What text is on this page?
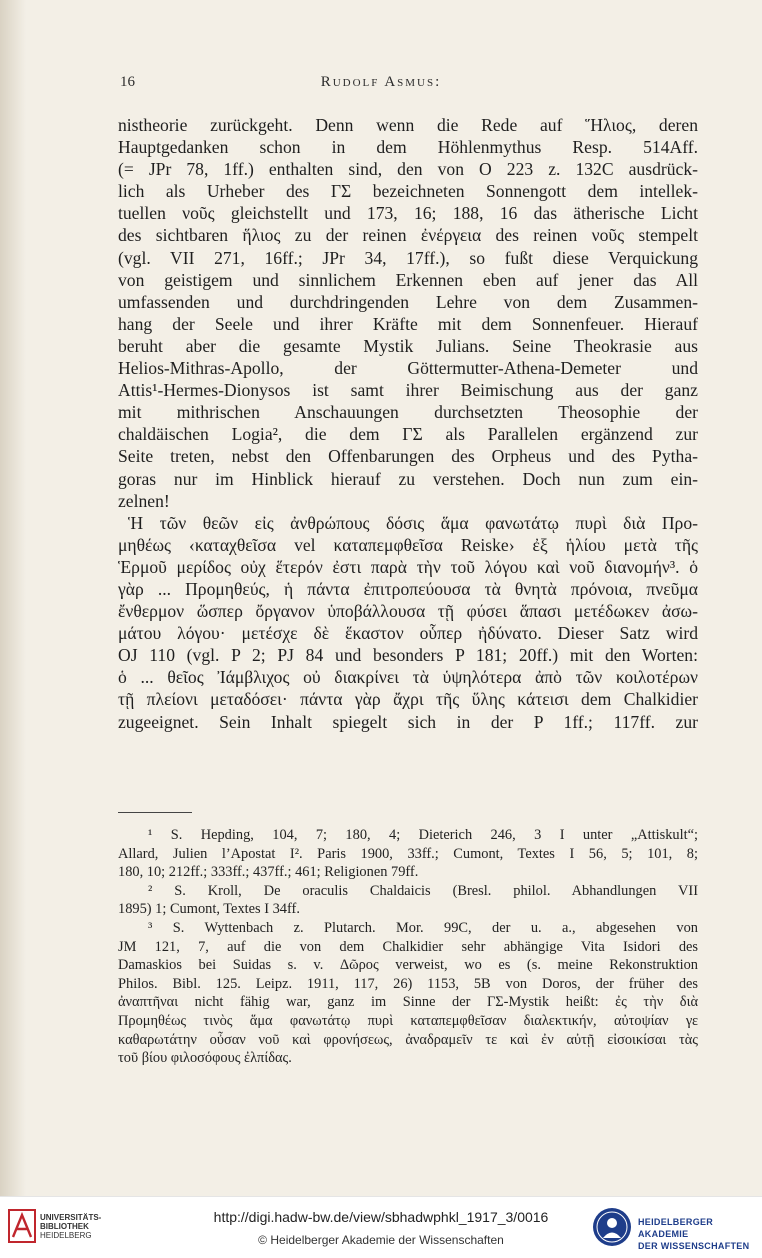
16	Rudolf Asmus:
nistheorie zurückgeht. Denn wenn die Rede auf Ἥλιος, deren
Hauptgedanken schon in dem Höhlenmythus Resp. 514Aff.
(= JPr 78, 1ff.) enthalten sind, den von O 223 z. 132C ausdrück-
lich als Urheber des ΓΣ bezeichneten Sonnengott dem intellek-
tuellen νοῦς gleichstellt und 173, 16; 188, 16 das ätherische Licht
des sichtbaren ἥλιος zu der reinen ἐνέργεια des reinen νοῦς stempelt
(vgl. VII 271, 16ff.; JPr 34, 17ff.), so fußt diese Verquickung
von geistigem und sinnlichem Erkennen eben auf jener das All
umfassenden und durchdringenden Lehre von dem Zusammen-
hang der Seele und ihrer Kräfte mit dem Sonnenfeuer. Hierauf
beruht aber die gesamte Mystik Julians. Seine Theokrasie aus
Helios-Mithras-Apollo, der Göttermutter-Athena-Demeter und
Attis¹-Hermes-Dionysos ist samt ihrer Beimischung aus der ganz
mit mithrischen Anschauungen durchsetzten Theosophie der
chaldäischen Logia², die dem ΓΣ als Parallelen ergänzend zur
Seite treten, nebst den Offenbarungen des Orpheus und des Pytha-
goras nur im Hinblick hierauf zu verstehen. Doch nun zum ein-
zelnen!
Ἡ τῶν θεῶν εἰς ἀνθρώπους δόσις ἅμα φανωτάτῳ πυρὶ διὰ Προ-
μηθέως ‹καταχθεῖσα vel καταπεμφθεῖσα Reiske› ἐξ ἡλίου μετὰ τῆς
Ἑρμοῦ μερίδος οὐχ ἕτερόν ἐστι παρὰ τὴν τοῦ λόγου καὶ νοῦ διανομήν³. ὁ
γὰρ ... Προμηθεύς, ἡ πάντα ἐπιτροπεύουσα τὰ θνητὰ πρόνοια, πνεῦμα
ἔνθερμον ὥσπερ ὄργανον ὑποβάλλουσα τῇ φύσει ἅπασι μετέδωκεν ἀσω-
μάτου λόγου· μετέσχε δὲ ἕκαστον οὗπερ ἠδύνατο. Dieser Satz wird
OJ 110 (vgl. P 2; PJ 84 und besonders P 181; 20ff.) mit den Worten:
ὁ ... θεῖος Ἰάμβλιχος οὐ διακρίνει τὰ ὑψηλότερα ἀπὸ τῶν κοιλοτέρων
τῇ πλείονι μεταδόσει· πάντα γὰρ ἄχρι τῆς ὕλης κάτεισι dem Chalkidier
zugeeignet. Sein Inhalt spiegelt sich in der P 1ff.; 117ff. zur
¹ S. Hepding, 104, 7; 180, 4; Dieterich 246, 3 I unter „Attiskult“;
Allard, Julien l’Apostat I². Paris 1900, 33ff.; Cumont, Textes I 56, 5; 101, 8;
180, 10; 212ff.; 333ff.; 437ff.; 461; Religionen 79ff.
² S. Kroll, De oraculis Chaldaicis (Bresl. philol. Abhandlungen VII
1895) 1; Cumont, Textes I 34ff.
³ S. Wyttenbach z. Plutarch. Mor. 99C, der u. a., abgesehen von
JM 121, 7, auf die von dem Chalkidier sehr abhängige Vita Isidori des
Damaskios bei Suidas s. v. Δῶρος verweist, wo es (s. meine Rekonstruktion
Philos. Bibl. 125. Leipz. 1911, 117, 26) 1153, 5B von Doros, der früher des
ἀναπτῆναι nicht fähig war, ganz im Sinne der ΓΣ-Mystik heißt: ἐς τὴν διὰ
Προμηθέως τινὸς ἅμα φανωτάτῳ πυρὶ καταπεμφθεῖσαν διαλεκτικήν, αὐτοψίαν γε
καθαρωτάτην οὖσαν νοῦ καὶ φρονήσεως, ἀναδραμεῖν τε καὶ ἐν αὐτῇ εἰσοικίσαι τὰς
τοῦ βίου φιλοσόφους ἐλπίδας.
UNIVERSITÄTS-
BIBLIOTHEK
HEIDELBERG
http://digi.hadw-bw.de/view/sbhadwphkl_1917_3/0016
© Heidelberger Akademie der Wissenschaften
HEIDELBERGER AKADEMIE
DER WISSENSCHAFTEN
